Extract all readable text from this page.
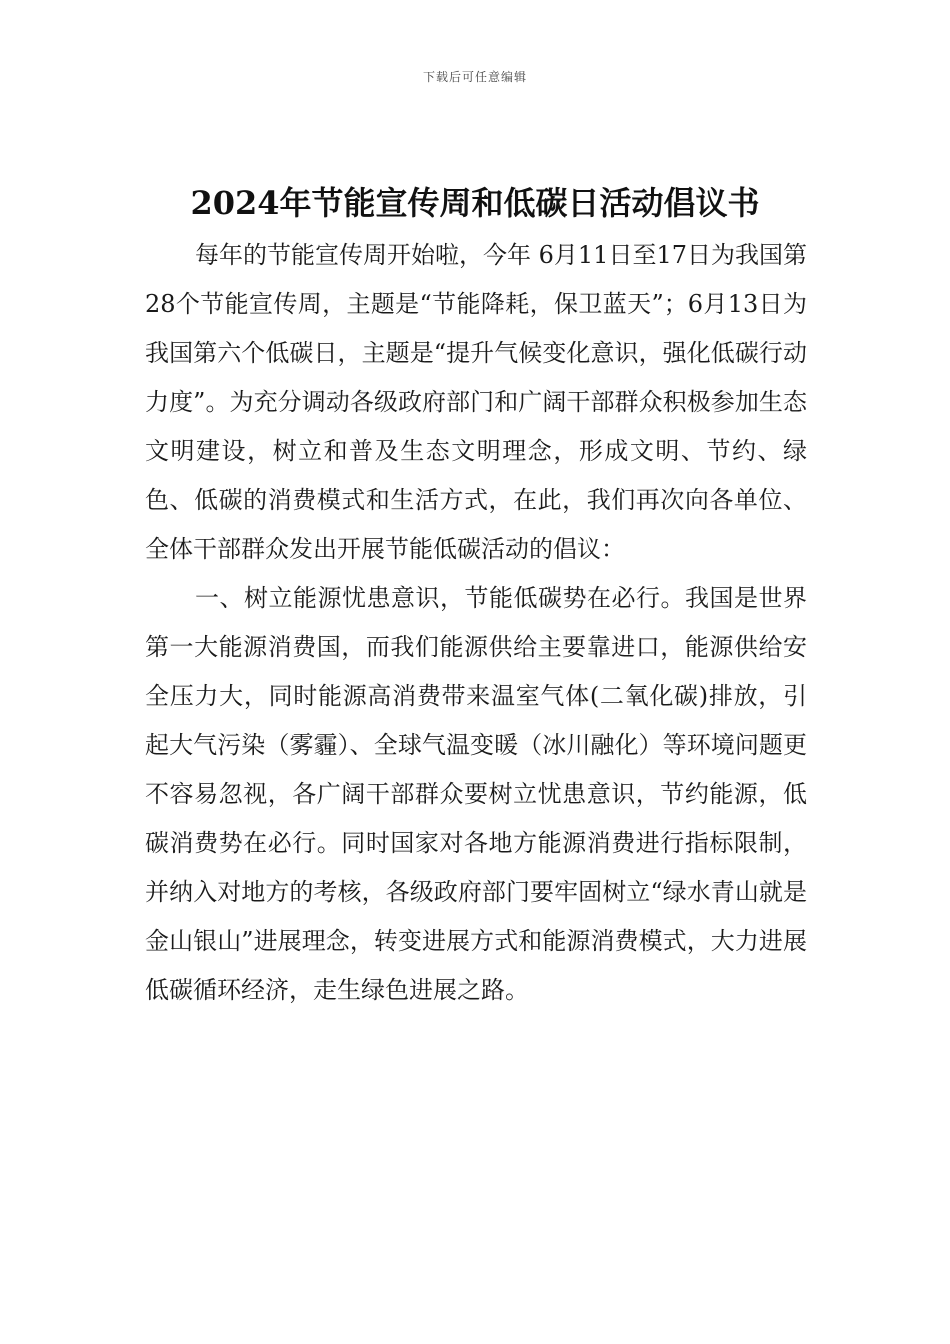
下载后可任意编辑
2024年节能宣传周和低碳日活动倡议书

每年的节能宣传周开始啦，今年 6月11日至17日为我国第28个节能宣传周，主题是“节能降耗，保卫蓝天”；6月13日为我国第六个低碳日，主题是“提升气候变化意识，强化低碳行动力度”。为充分调动各级政府部门和广阔干部群众积极参加生态文明建设，树立和普及生态文明理念，形成文明、节约、绿色、低碳的消费模式和生活方式，在此，我们再次向各单位、全体干部群众发出开展节能低碳活动的倡议：

一、树立能源忧患意识，节能低碳势在必行。我国是世界第一大能源消费国，而我们能源供给主要靠进口，能源供给安全压力大，同时能源高消费带来温室气体(二氧化碳)排放，引起大气污染（雾霾）、全球气温变暖（冰川融化）等环境问题更不容易忽视，各广阔干部群众要树立忧患意识，节约能源，低碳消费势在必行。同时国家对各地方能源消费进行指标限制，并纳入对地方的考核，各级政府部门要牢固树立“绿水青山就是金山银山”进展理念，转变进展方式和能源消费模式，大力进展低碳循环经济，走生绿色进展之路。
